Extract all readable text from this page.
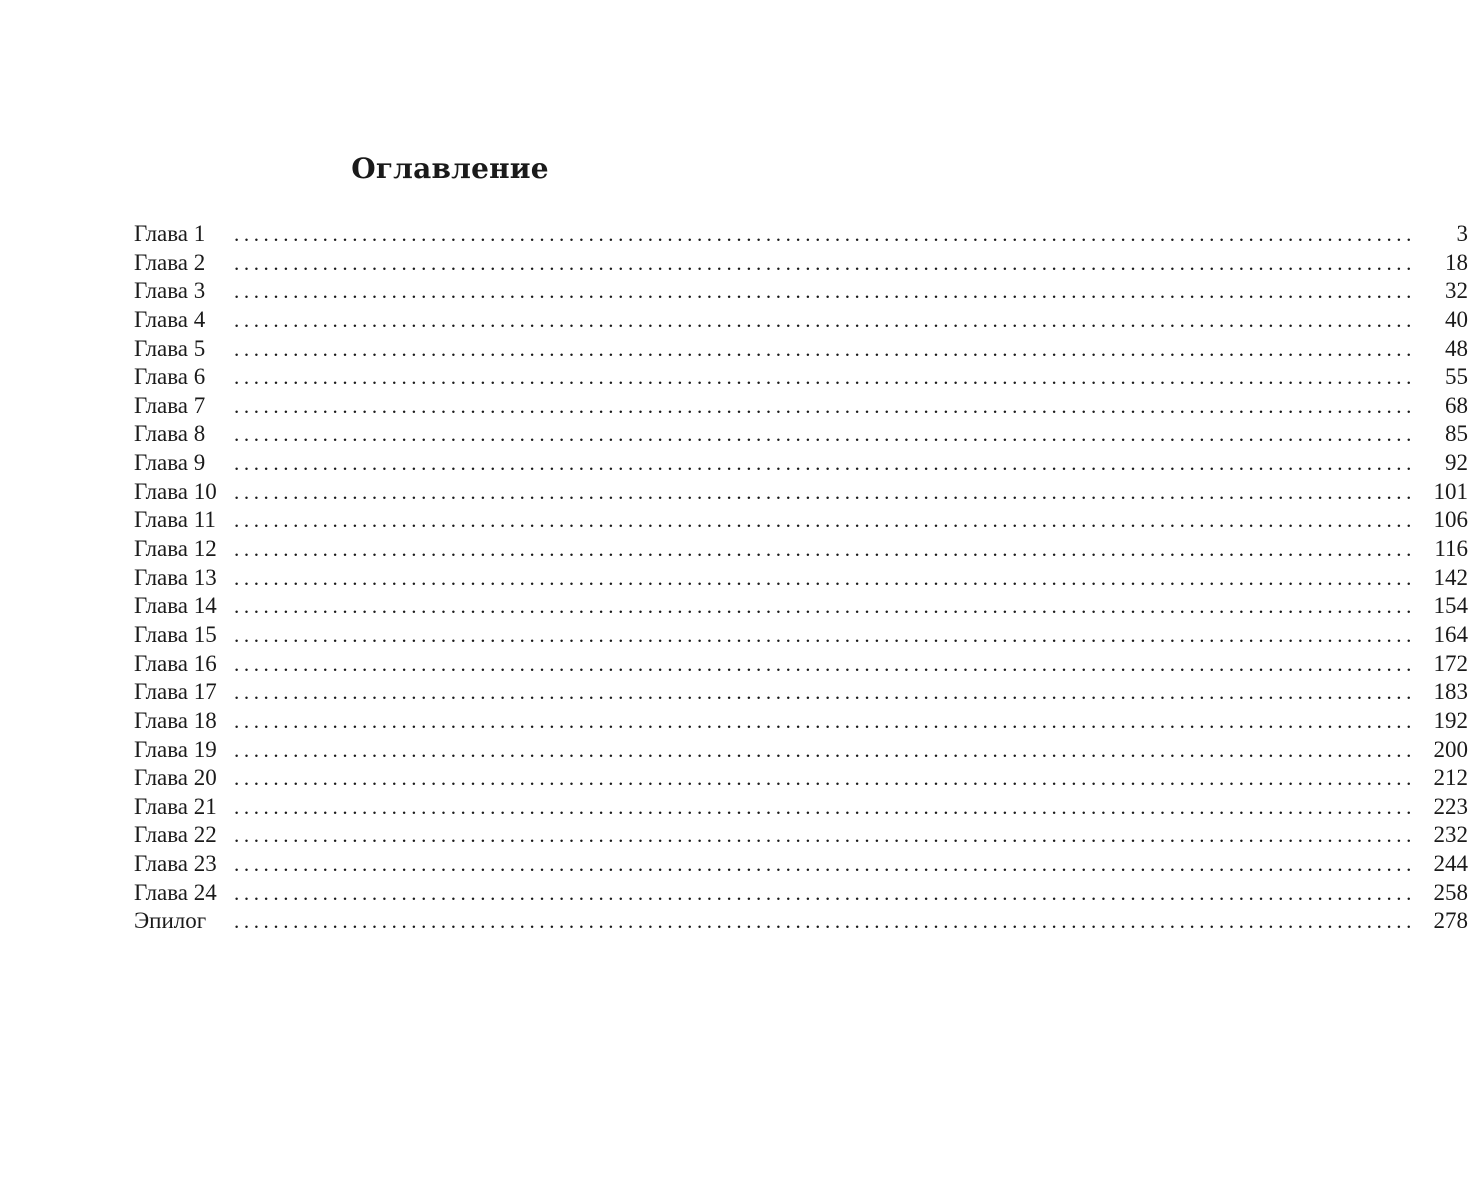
Оглавление
Глава 1	........................................................................................................................	3
Глава 2	........................................................................................................................	18
Глава 3	........................................................................................................................	32
Глава 4	........................................................................................................................	40
Глава 5	........................................................................................................................	48
Глава 6	........................................................................................................................	55
Глава 7	........................................................................................................................	68
Глава 8	........................................................................................................................	85
Глава 9	........................................................................................................................	92
Глава 10 ........................................................................................................................ 101
Глава 11 ........................................................................................................................ 106
Глава 12 ........................................................................................................................ 116
Глава 13 ........................................................................................................................ 142
Глава 14 ........................................................................................................................ 154
Глава 15 ........................................................................................................................ 164
Глава 16 ........................................................................................................................ 172
Глава 17 ........................................................................................................................ 183
Глава 18 ........................................................................................................................ 192
Глава 19 ........................................................................................................................ 200
Глава 20 ........................................................................................................................ 212
Глава 21 ........................................................................................................................ 223
Глава 22 ........................................................................................................................ 232
Глава 23 ........................................................................................................................ 244
Глава 24 ........................................................................................................................ 258
Эпилог	........................................................................................................................ 278
